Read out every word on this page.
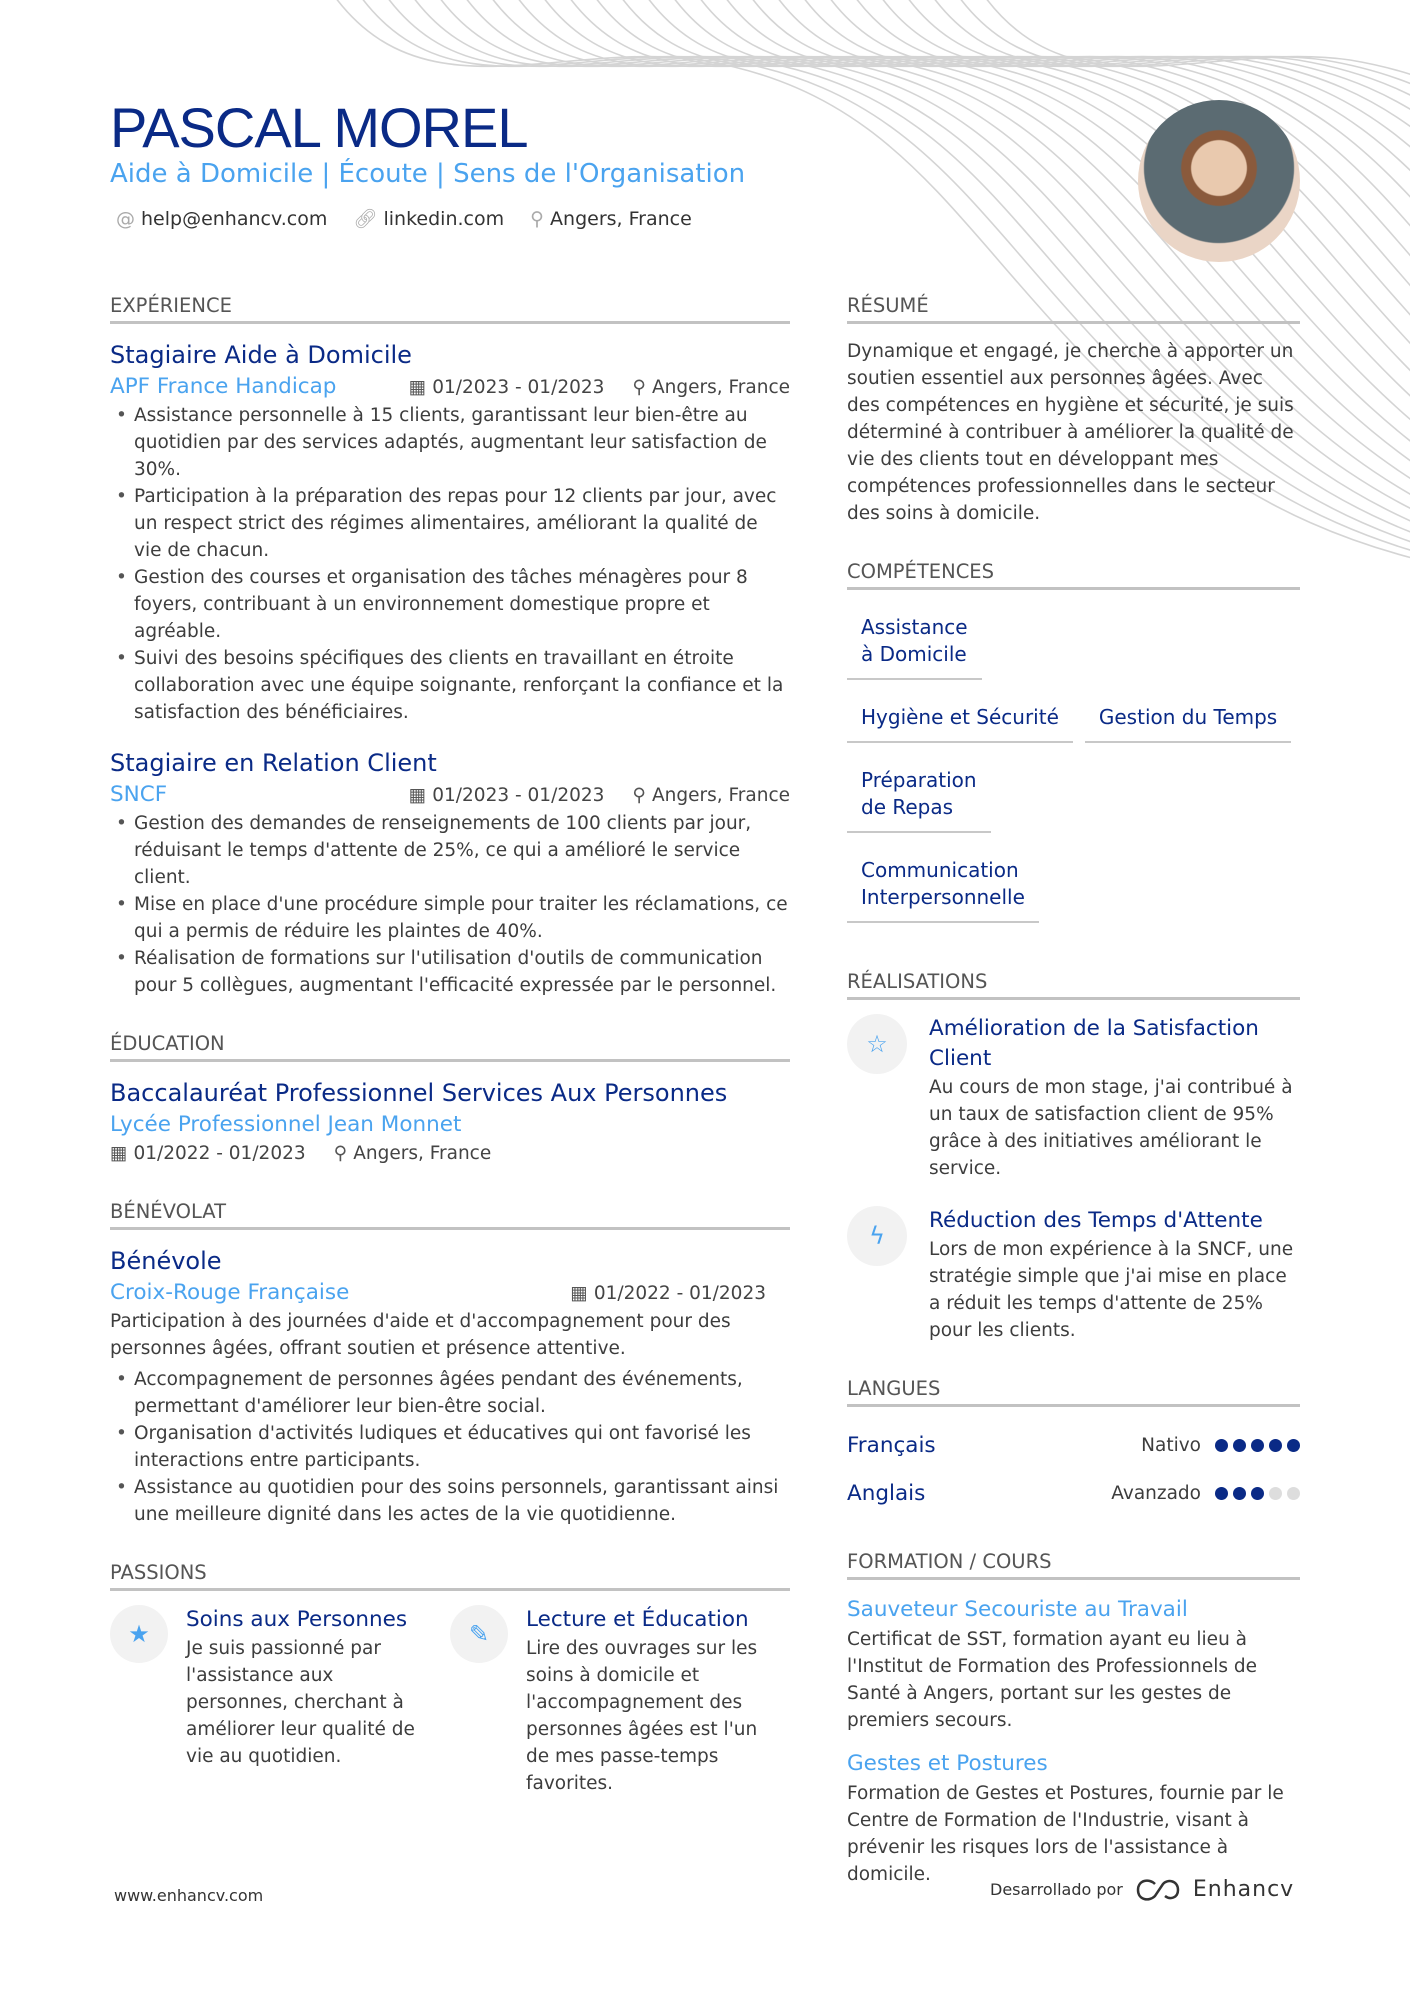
PASCAL MOREL
Aide à Domicile | Écoute | Sens de l'Organisation
@ help@enhancv.com 🔗︎ linkedin.com ⚲ Angers, France
EXPÉRIENCE
Stagiaire Aide à Domicile
APF France Handicap	▦ 01/2023 - 01/2023 ⚲ Angers, France
• Assistance personnelle à 15 clients, garantissant leur bien-être au quotidien par des services adaptés, augmentant leur satisfaction de 30%.
• Participation à la préparation des repas pour 12 clients par jour, avec un respect strict des régimes alimentaires, améliorant la qualité de vie de chacun.
• Gestion des courses et organisation des tâches ménagères pour 8 foyers, contribuant à un environnement domestique propre et agréable.
• Suivi des besoins spécifiques des clients en travaillant en étroite collaboration avec une équipe soignante, renforçant la confiance et la satisfaction des bénéficiaires.
Stagiaire en Relation Client
SNCF	▦ 01/2023 - 01/2023 ⚲ Angers, France
• Gestion des demandes de renseignements de 100 clients par jour, réduisant le temps d'attente de 25%, ce qui a amélioré le service client.
• Mise en place d'une procédure simple pour traiter les réclamations, ce qui a permis de réduire les plaintes de 40%.
• Réalisation de formations sur l'utilisation d'outils de communication pour 5 collègues, augmentant l'efficacité expressée par le personnel.
ÉDUCATION
Baccalauréat Professionnel Services Aux Personnes
Lycée Professionnel Jean Monnet
▦ 01/2022 - 01/2023 ⚲ Angers, France
BÉNÉVOLAT
Bénévole
Croix-Rouge Française	▦ 01/2022 - 01/2023
Participation à des journées d'aide et d'accompagnement pour des personnes âgées, offrant soutien et présence attentive.
• Accompagnement de personnes âgées pendant des événements, permettant d'améliorer leur bien-être social.
• Organisation d'activités ludiques et éducatives qui ont favorisé les interactions entre participants.
• Assistance au quotidien pour des soins personnels, garantissant ainsi une meilleure dignité dans les actes de la vie quotidienne.
PASSIONS
★	Soins aux Personnes
Je suis passionné par l'assistance aux personnes, cherchant à améliorer leur qualité de vie au quotidien.
✎	Lecture et Éducation
Lire des ouvrages sur les soins à domicile et l'accompagnement des personnes âgées est l'un de mes passe-temps favorites.
RÉSUMÉ
Dynamique et engagé, je cherche à apporter un soutien essentiel aux personnes âgées. Avec des compétences en hygiène et sécurité, je suis déterminé à contribuer à améliorer la qualité de vie des clients tout en développant mes compétences professionnelles dans le secteur des soins à domicile.
COMPÉTENCES
Assistance à Domicile
Hygiène et Sécurité	Gestion du Temps
Préparation de Repas
Communication Interpersonnelle
RÉALISATIONS
☆
Amélioration de la Satisfaction Client
Au cours de mon stage, j'ai contribué à un taux de satisfaction client de 95% grâce à des initiatives améliorant le service.
ϟ
Réduction des Temps d'Attente
Lors de mon expérience à la SNCF, une stratégie simple que j'ai mise en place a réduit les temps d'attente de 25% pour les clients.
LANGUES
Français	Nativo
Anglais	Avanzado
FORMATION / COURS
Sauveteur Secouriste au Travail
Certificat de SST, formation ayant eu lieu à l'Institut de Formation des Professionnels de Santé à Angers, portant sur les gestes de premiers secours.
Gestes et Postures
Formation de Gestes et Postures, fournie par le Centre de Formation de l'Industrie, visant à prévenir les risques lors de l'assistance à domicile.
www.enhancv.com	Desarrollado por	Enhancv
